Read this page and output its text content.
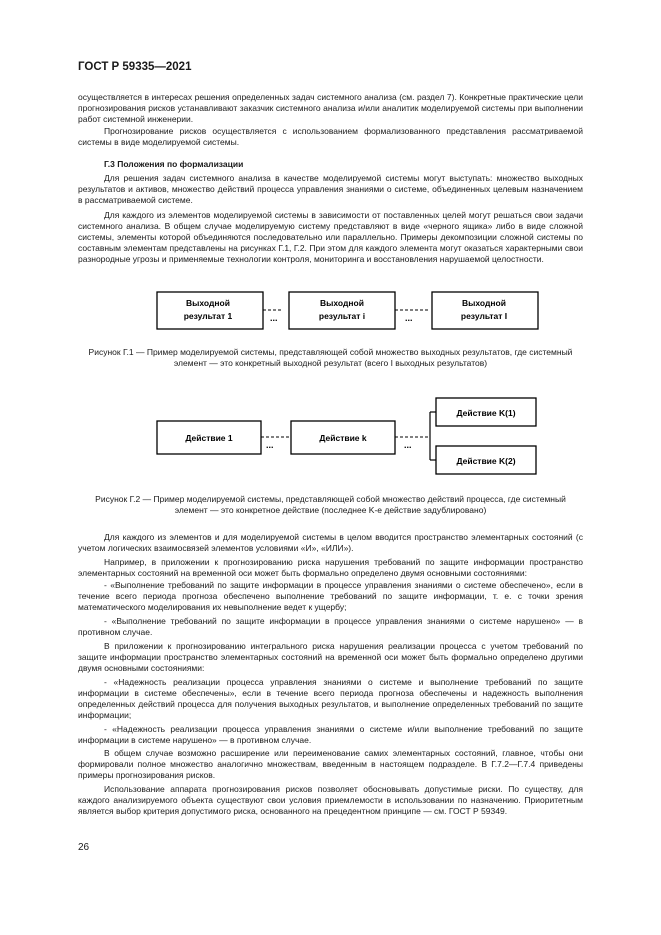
ГОСТ Р 59335—2021

осуществляется в интересах решения определенных задач системного анализа (см. раздел 7). Конкретные практические цели прогнозирования рисков устанавливают заказчик системного анализа и/или аналитик моделируемой системы при выполнении работ системной инженерии.

Прогнозирование рисков осуществляется с использованием формализованного представления рассматриваемой системы в виде моделируемой системы.

Г.3 Положения по формализации

Для решения задач системного анализа в качестве моделируемой системы могут выступать: множество выходных результатов и активов, множество действий процесса управления знаниями о системе, объединенных целевым назначением в рассматриваемой системе.

Для каждого из элементов моделируемой системы в зависимости от поставленных целей могут решаться свои задачи системного анализа. В общем случае моделируемую систему представляют в виде «черного ящика» либо в виде сложной системы, элементы которой объединяются последовательно или параллельно. Примеры декомпозиции сложной системы по составным элементам представлены на рисунках Г.1, Г.2. При этом для каждого элемента могут оказаться характерными свои разнородные угрозы и применяемые технологии контроля, мониторинга и восстановления нарушаемой целостности.

Выходной
результат 1	...
Выходной
результат i	...
Выходной
результат I
Действие 1
...
Действие k
...
Действие K(1)
Действие K(2)
Рисунок Г.1 — Пример моделируемой системы, представляющей собой множество выходных результатов, где системный элемент — это конкретный выходной результат (всего I выходных результатов)
Рисунок Г.2 — Пример моделируемой системы, представляющей собой множество действий процесса, где системный элемент — это конкретное действие (последнее K-е действие задублировано)

Для каждого из элементов и для моделируемой системы в целом вводится пространство элементарных состояний (с учетом логических взаимосвязей элементов условиями «И», «ИЛИ»).

Например, в приложении к прогнозированию риска нарушения требований по защите информации пространство элементарных состояний на временной оси может быть формально определено двумя основными состояниями:

- «Выполнение требований по защите информации в процессе управления знаниями о системе обеспечено», если в течение всего периода прогноза обеспечено выполнение требований по защите информации, т. е. с точки зрения математического моделирования их невыполнение ведет к ущербу;

- «Выполнение требований по защите информации в процессе управления знаниями о системе нарушено» — в противном случае.

В приложении к прогнозированию интегрального риска нарушения реализации процесса с учетом требований по защите информации пространство элементарных состояний на временной оси может быть формально определено другими двумя основными состояниями:

- «Надежность реализации процесса управления знаниями о системе и выполнение требований по защите информации в системе обеспечены», если в течение всего периода прогноза обеспечены и надежность выполнения определенных действий процесса для получения выходных результатов, и выполнение определенных требований по защите информации;

- «Надежность реализации процесса управления знаниями о системе и/или выполнение требований по защите информации в системе нарушено» — в противном случае.

В общем случае возможно расширение или переименование самих элементарных состояний, главное, чтобы они формировали полное множество аналогично множествам, введенным в настоящем подразделе. В Г.7.2—Г.7.4 приведены примеры прогнозирования рисков.

Использование аппарата прогнозирования рисков позволяет обосновывать допустимые риски. По существу, для каждого анализируемого объекта существуют свои условия приемлемости в использовании по назначению. Приоритетным является выбор критерия допустимого риска, основанного на прецедентном принципе — см. ГОСТ Р 59349.

26
